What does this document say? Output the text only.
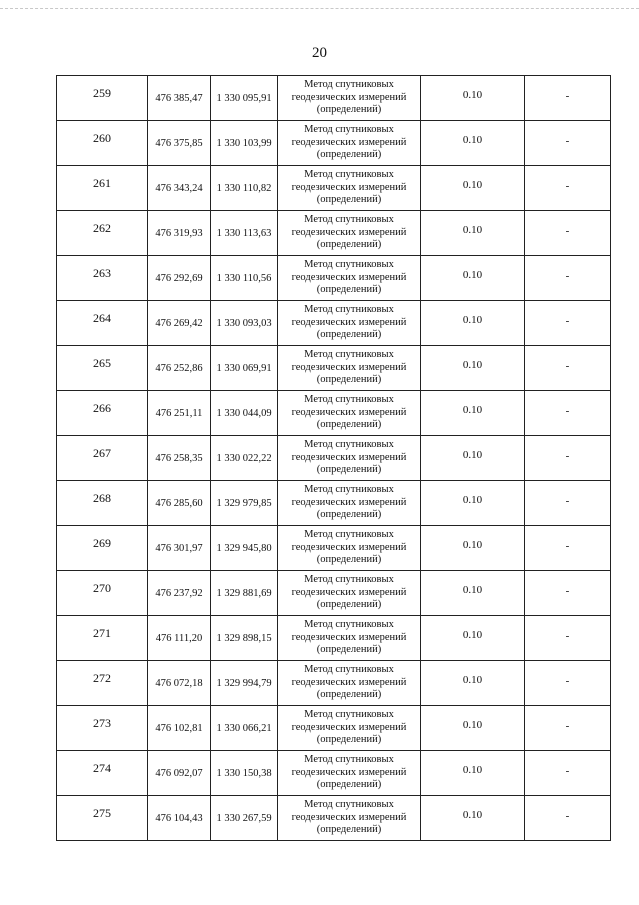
20
259	476 385,47	1 330 095,91	Метод спутниковых
геодезических измерений
(определений)	0.10	-
260	476 375,85	1 330 103,99	Метод спутниковых
геодезических измерений
(определений)	0.10	-
261	476 343,24	1 330 110,82	Метод спутниковых
геодезических измерений
(определений)	0.10	-
262	476 319,93	1 330 113,63	Метод спутниковых
геодезических измерений
(определений)	0.10	-
263	476 292,69	1 330 110,56	Метод спутниковых
геодезических измерений
(определений)	0.10	-
264	476 269,42	1 330 093,03	Метод спутниковых
геодезических измерений
(определений)	0.10	-
265	476 252,86	1 330 069,91	Метод спутниковых
геодезических измерений
(определений)	0.10	-
266	476 251,11	1 330 044,09	Метод спутниковых
геодезических измерений
(определений)	0.10	-
267	476 258,35	1 330 022,22	Метод спутниковых
геодезических измерений
(определений)	0.10	-
268	476 285,60	1 329 979,85	Метод спутниковых
геодезических измерений
(определений)	0.10	-
269	476 301,97	1 329 945,80	Метод спутниковых
геодезических измерений
(определений)	0.10	-
270	476 237,92	1 329 881,69	Метод спутниковых
геодезических измерений
(определений)	0.10	-
271	476 111,20	1 329 898,15	Метод спутниковых
геодезических измерений
(определений)	0.10	-
272	476 072,18	1 329 994,79	Метод спутниковых
геодезических измерений
(определений)	0.10	-
273	476 102,81	1 330 066,21	Метод спутниковых
геодезических измерений
(определений)	0.10	-
274	476 092,07	1 330 150,38	Метод спутниковых
геодезических измерений
(определений)	0.10	-
275	476 104,43	1 330 267,59	Метод спутниковых
геодезических измерений
(определений)	0.10	-
